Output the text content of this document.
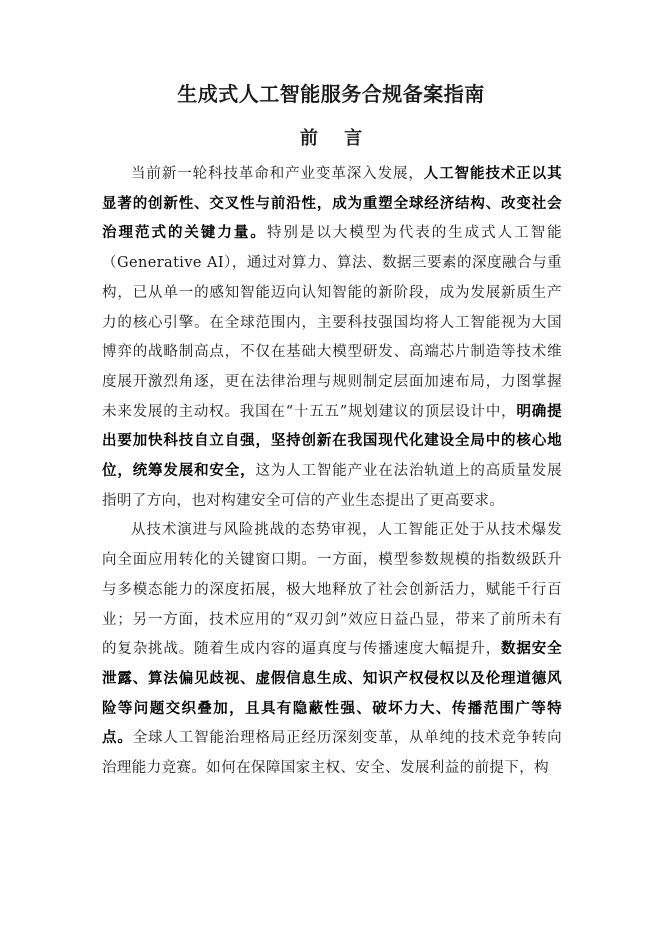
生成式人工智能服务合规备案指南
前 言

当前新一轮科技革命和产业变革深入发展，人工智能技术正以其显著的创新性、交叉性与前沿性，成为重塑全球经济结构、改变社会治理范式的关键力量。特别是以大模型为代表的生成式人工智能（Generative AI），通过对算力、算法、数据三要素的深度融合与重构，已从单一的感知智能迈向认知智能的新阶段，成为发展新质生产力的核心引擎。在全球范围内，主要科技强国均将人工智能视为大国博弈的战略制高点，不仅在基础大模型研发、高端芯片制造等技术维度展开激烈角逐，更在法律治理与规则制定层面加速布局，力图掌握未来发展的主动权。我国在“十五五”规划建议的顶层设计中，明确提出要加快科技自立自强，坚持创新在我国现代化建设全局中的核心地位，统筹发展和安全，这为人工智能产业在法治轨道上的高质量发展指明了方向，也对构建安全可信的产业生态提出了更高要求。

从技术演进与风险挑战的态势审视，人工智能正处于从技术爆发向全面应用转化的关键窗口期。一方面，模型参数规模的指数级跃升与多模态能力的深度拓展，极大地释放了社会创新活力，赋能千行百业；另一方面，技术应用的“双刃剑”效应日益凸显，带来了前所未有的复杂挑战。随着生成内容的逼真度与传播速度大幅提升，数据安全泄露、算法偏见歧视、虚假信息生成、知识产权侵权以及伦理道德风险等问题交织叠加，且具有隐蔽性强、破坏力大、传播范围广等特点。全球人工智能治理格局正经历深刻变革，从单纯的技术竞争转向治理能力竞赛。如何在保障国家主权、安全、发展利益的前提下，构
